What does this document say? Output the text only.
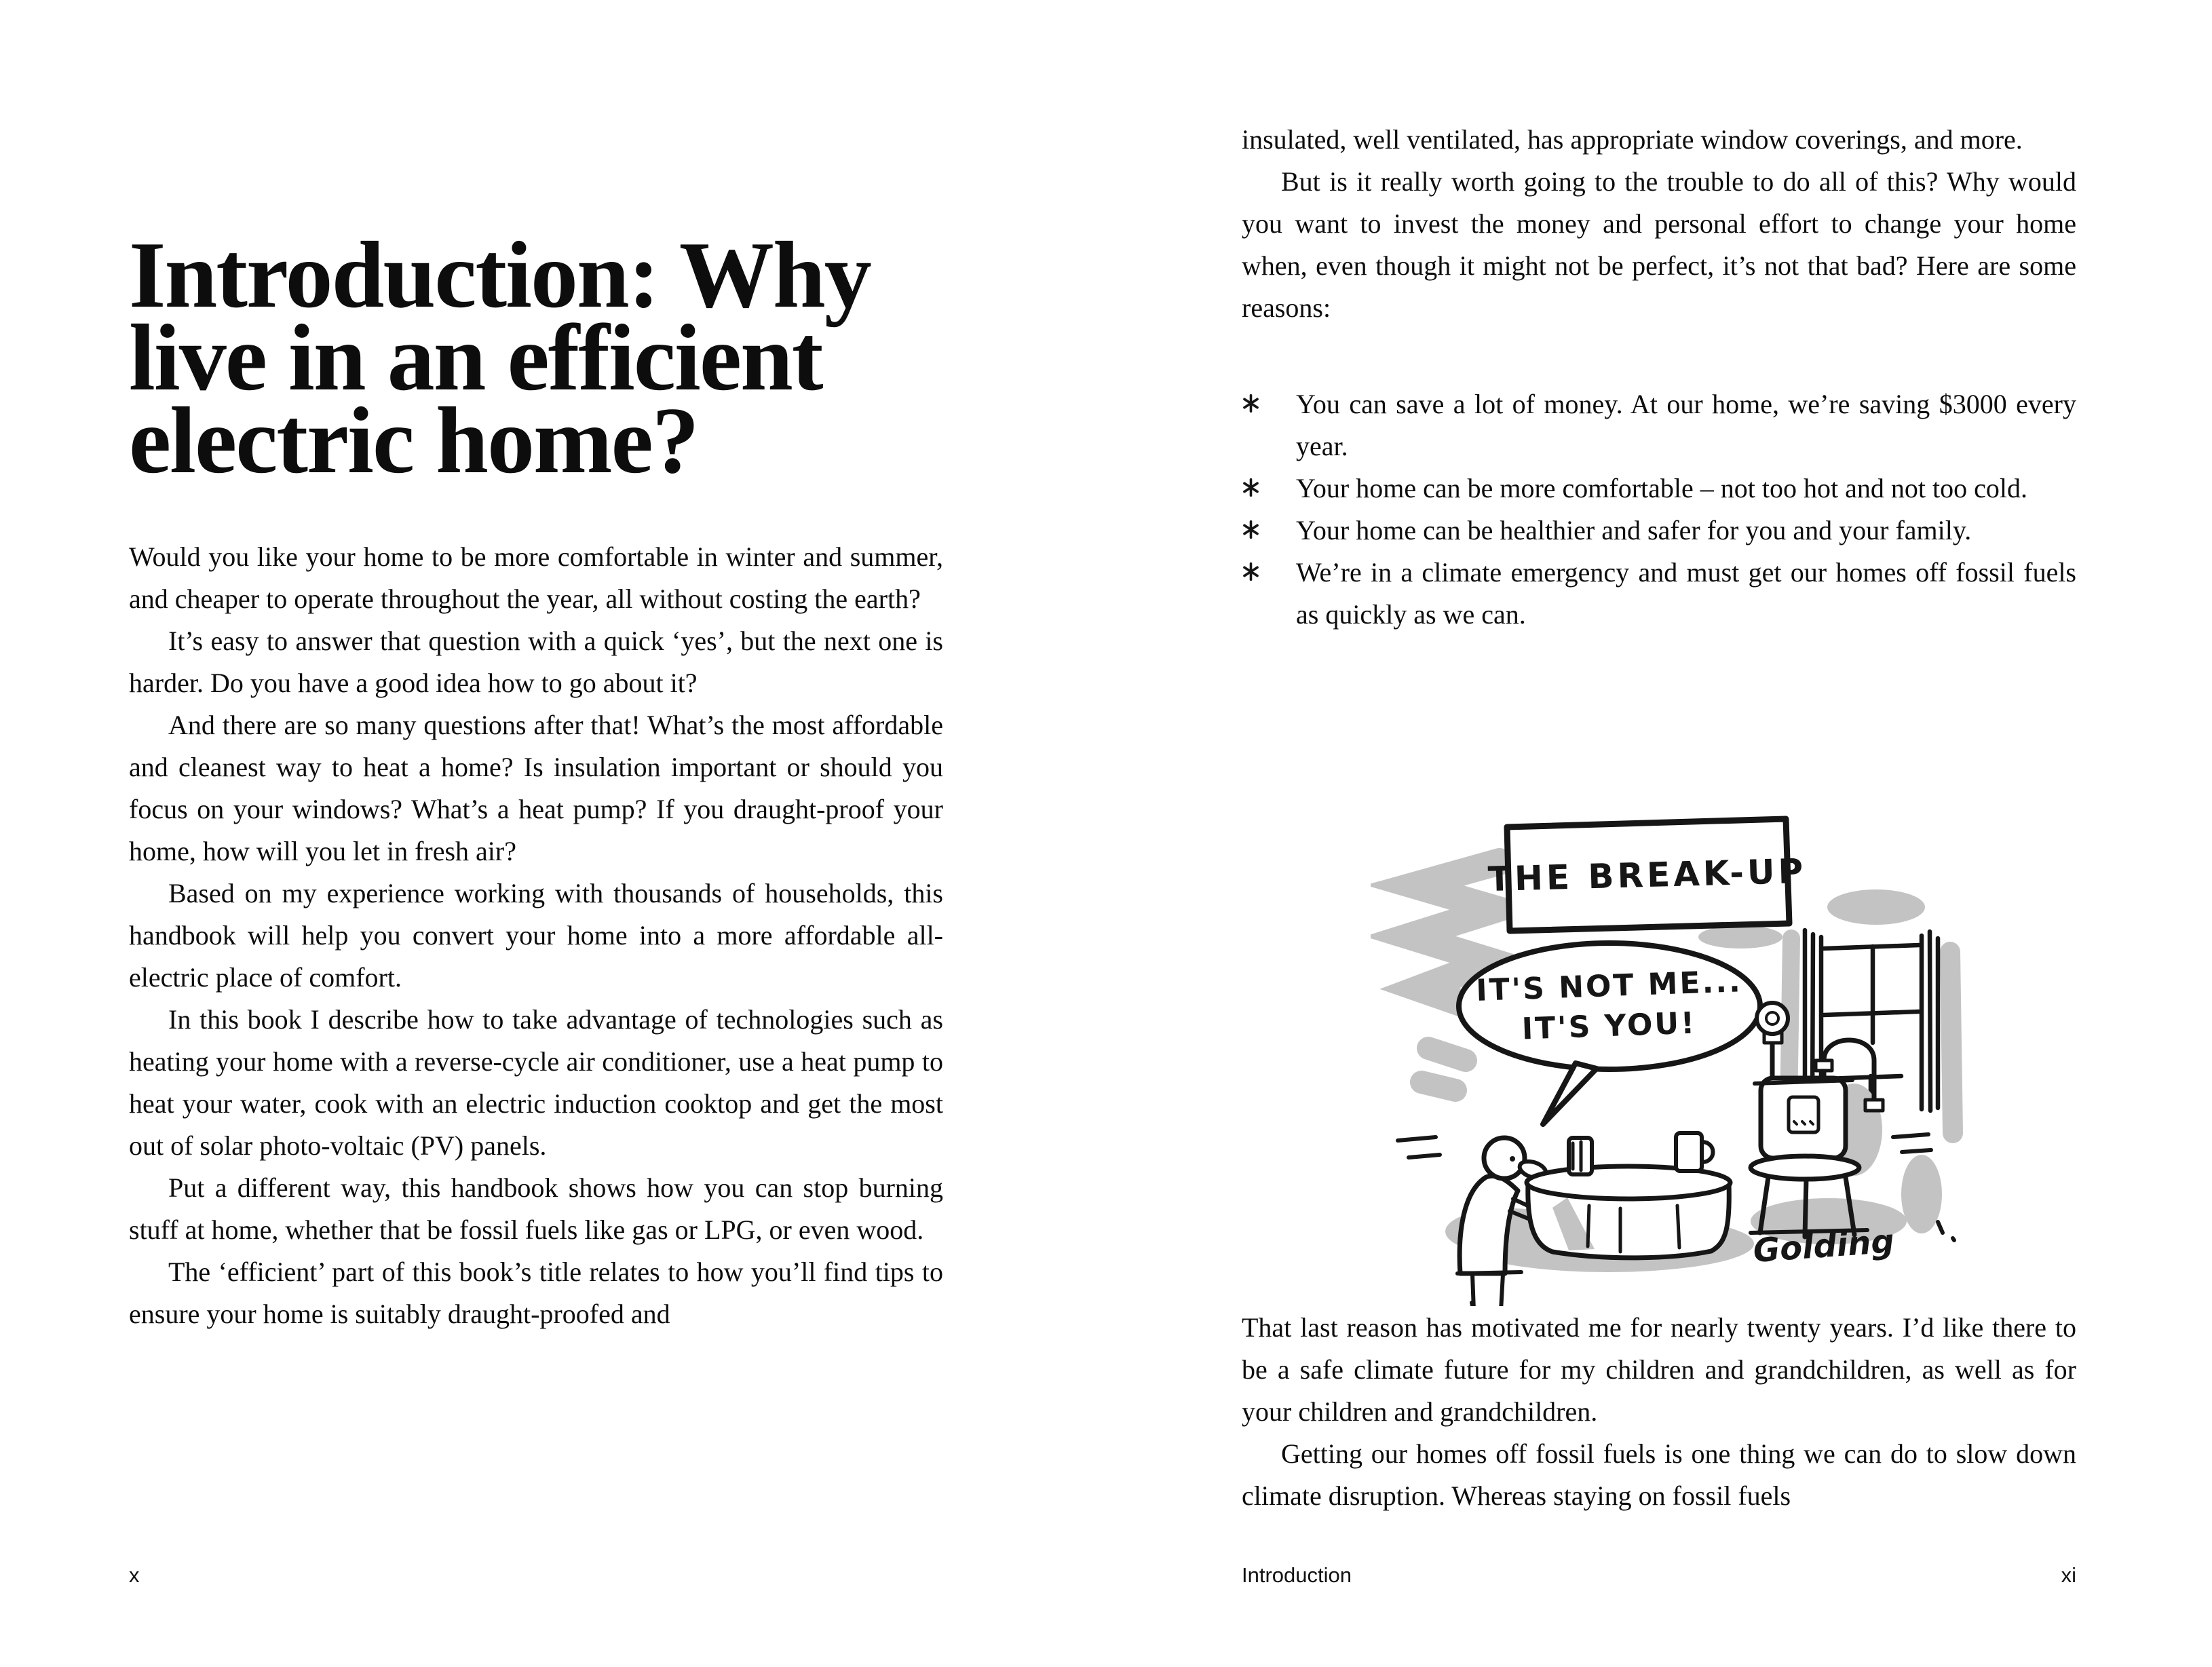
Introduction: Why
live in an efficient
electric home?

Would you like your home to be more comfortable in winter and summer, and cheaper to operate throughout the year, all without costing the earth?

It’s easy to answer that question with a quick ‘yes’, but the next one is harder. Do you have a good idea how to go about it?

And there are so many questions after that! What’s the most affordable and cleanest way to heat a home? Is insulation important or should you focus on your windows? What’s a heat pump? If you draught-proof your home, how will you let in fresh air?

Based on my experience working with thousands of households, this handbook will help you convert your home into a more affordable all-electric place of comfort.

In this book I describe how to take advantage of technologies such as heating your home with a reverse-cycle air conditioner, use a heat pump to heat your water, cook with an electric induction cooktop and get the most out of solar photo-voltaic (PV) panels.

Put a different way, this handbook shows how you can stop burning stuff at home, whether that be fossil fuels like gas or LPG, or even wood.

The ‘efficient’ part of this book’s title relates to how you’ll find tips to ensure your home is suitably draught-proofed and

x

insulated, well ventilated, has appropriate window coverings, and more.

But is it really worth going to the trouble to do all of this? Why would you want to invest the money and personal effort to change your home when, even though it might not be perfect, it’s not that bad? Here are some reasons:

You can save a lot of money. At our home, we’re saving $3000 every year.
Your home can be more comfortable – not too hot and not too cold.
Your home can be healthier and safer for you and your family.
We’re in a climate emergency and must get our homes off fossil fuels as quickly as we can.
THE BREAK-UP
IT'S NOT ME...
IT'S YOU!
Golding

That last reason has motivated me for nearly twenty years. I’d like there to be a safe climate future for my children and grandchildren, as well as for your children and grandchildren.

Getting our homes off fossil fuels is one thing we can do to slow down climate disruption. Whereas staying on fossil fuels

Introduction	xi
